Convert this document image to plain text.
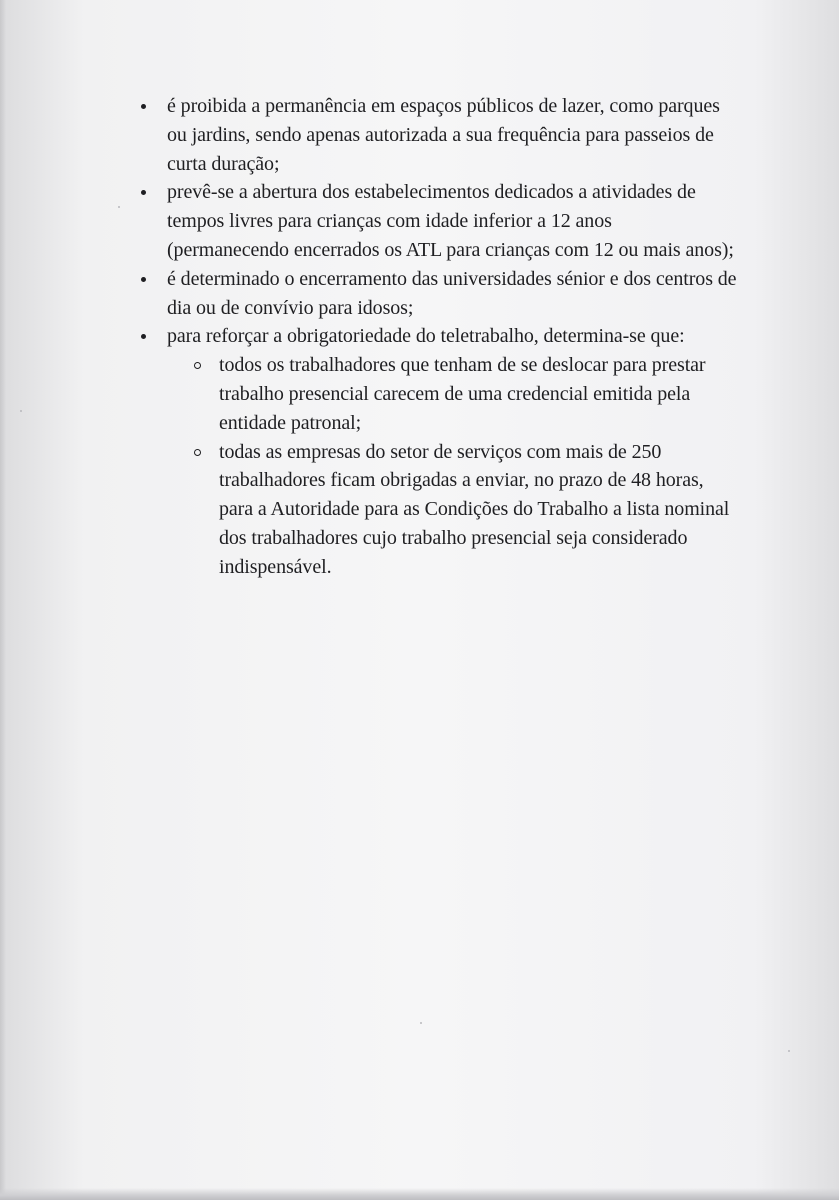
é proibida a permanência em espaços públicos de lazer, como parques ou jardins, sendo apenas autorizada a sua frequência para passeios de curta duração;
prevê-se a abertura dos estabelecimentos dedicados a atividades de tempos livres para crianças com idade inferior a 12 anos (permanecendo encerrados os ATL para crianças com 12 ou mais anos);
é determinado o encerramento das universidades sénior e dos centros de dia ou de convívio para idosos;
para reforçar a obrigatoriedade do teletrabalho, determina-se que:
todos os trabalhadores que tenham de se deslocar para prestar trabalho presencial carecem de uma credencial emitida pela entidade patronal;
todas as empresas do setor de serviços com mais de 250 trabalhadores ficam obrigadas a enviar, no prazo de 48 horas, para a Autoridade para as Condições do Trabalho a lista nominal dos trabalhadores cujo trabalho presencial seja considerado indispensável.
